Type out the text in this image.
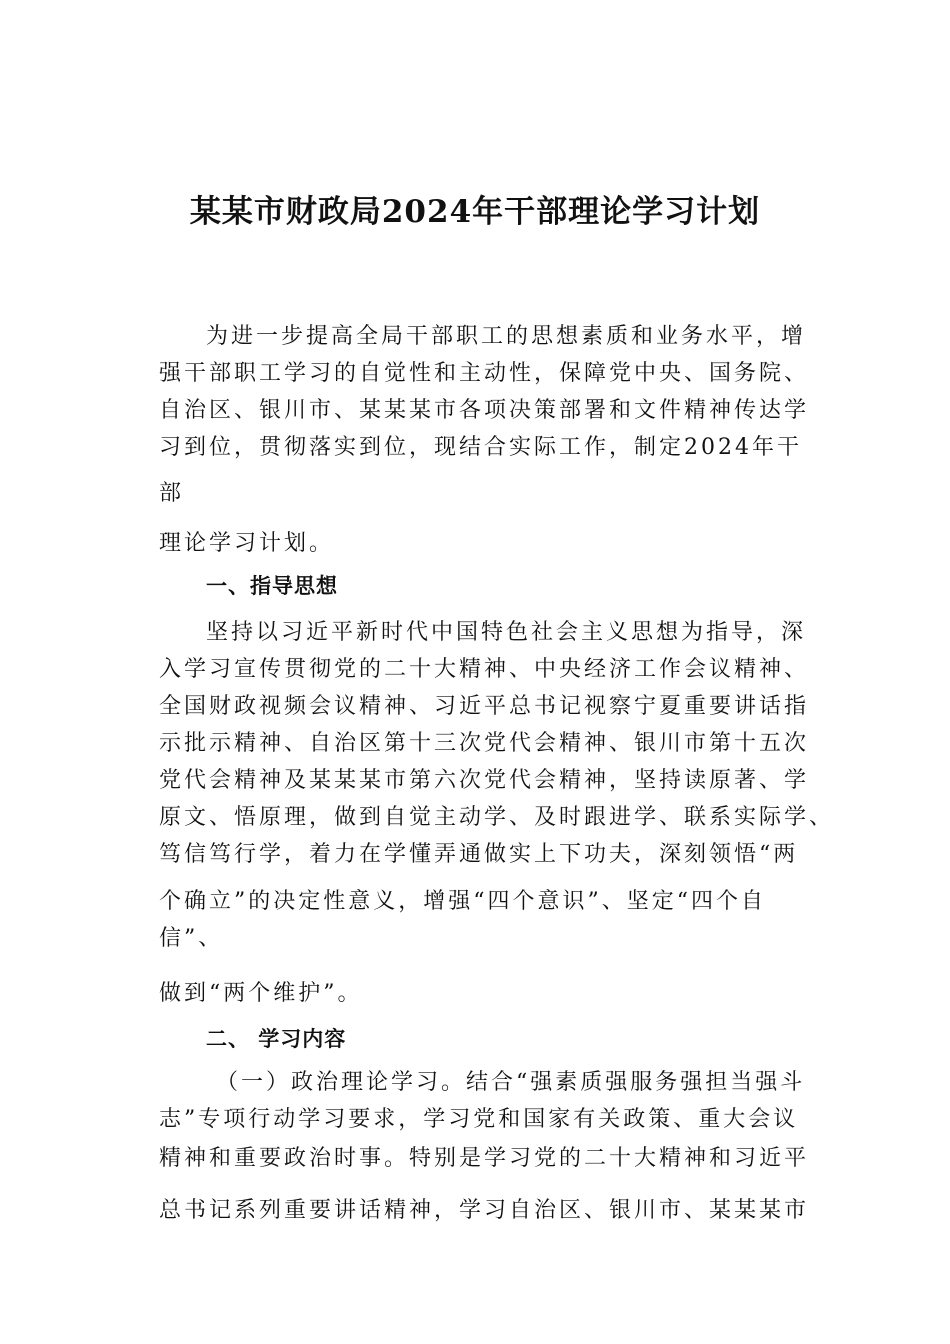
某某市财政局2024年干部理论学习计划
为进一步提高全局干部职工的思想素质和业务水平，增
强干部职工学习的自觉性和主动性，保障党中央、国务院、
自治区、银川市、某某某市各项决策部署和文件精神传达学
习到位，贯彻落实到位，现结合实际工作，制定2024年干
部
理论学习计划。
一、指导思想
坚持以习近平新时代中国特色社会主义思想为指导，深
入学习宣传贯彻党的二十大精神、中央经济工作会议精神、
全国财政视频会议精神、习近平总书记视察宁夏重要讲话指
示批示精神、自治区第十三次党代会精神、银川市第十五次
党代会精神及某某某市第六次党代会精神，坚持读原著、学
原文、悟原理，做到自觉主动学、及时跟进学、联系实际学、
笃信笃行学，着力在学懂弄通做实上下功夫，深刻领悟“两
个确立”的决定性意义，增强“四个意识”、坚定“四个自
信”、
做到“两个维护”。
二、 学习内容
（一）政治理论学习。结合“强素质强服务强担当强斗
志”专项行动学习要求，学习党和国家有关政策、重大会议
精神和重要政治时事。特别是学习党的二十大精神和习近平
总书记系列重要讲话精神，学习自治区、银川市、某某某市
